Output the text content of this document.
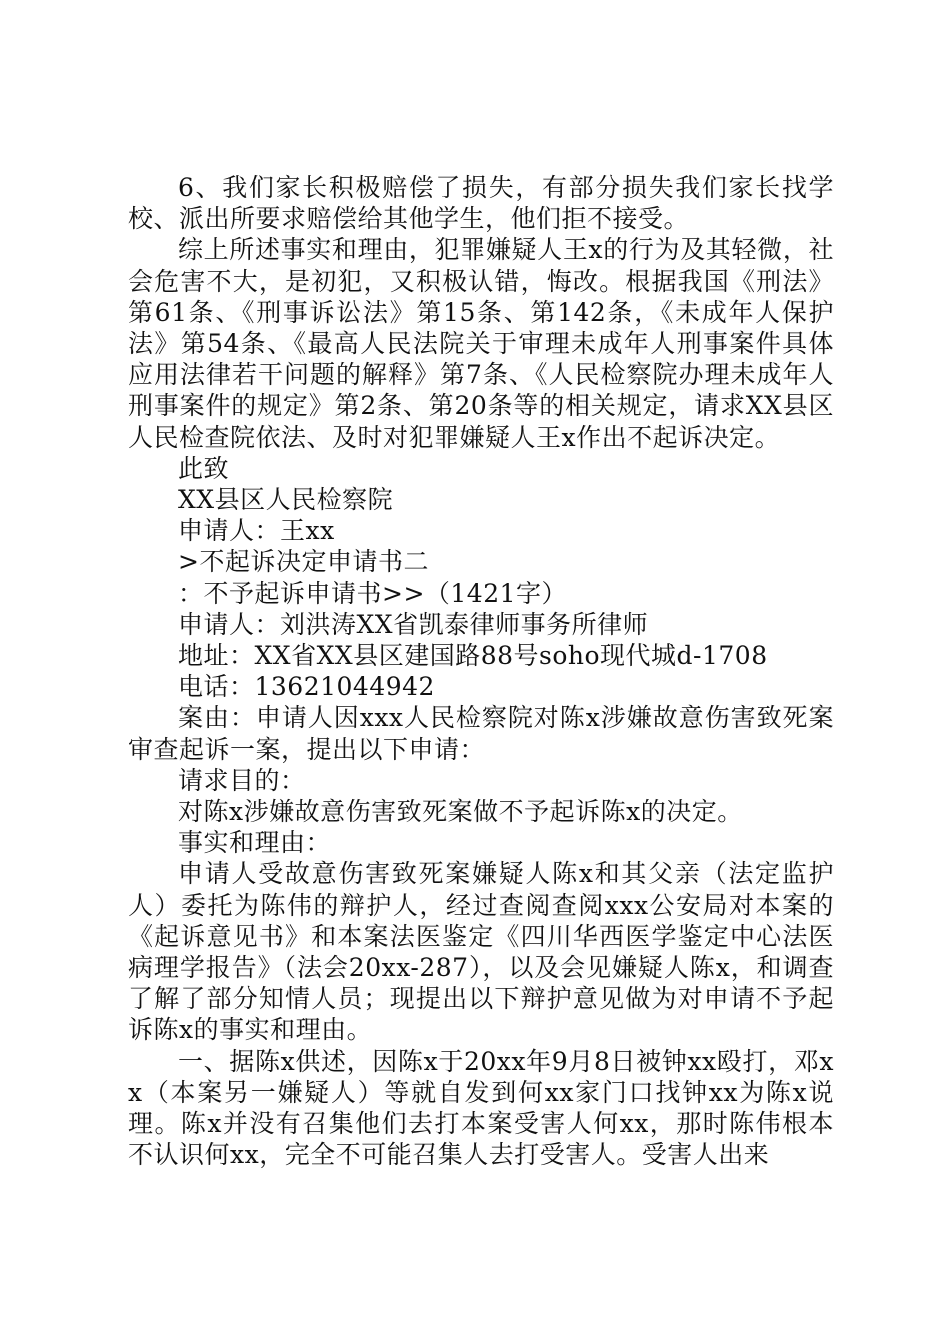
6、我们家长积极赔偿了损失，有部分损失我们家长找学校、派出所要求赔偿给其他学生，他们拒不接受。

综上所述事实和理由，犯罪嫌疑人王x的行为及其轻微，社会危害不大，是初犯，又积极认错，悔改。根据我国《刑法》第61条、《刑事诉讼法》第15条、第142条，《未成年人保护法》第54条、《最高人民法院关于审理未成年人刑事案件具体应用法律若干问题的解释》第7条、《人民检察院办理未成年人刑事案件的规定》第2条、第20条等的相关规定，请求XX县区人民检查院依法、及时对犯罪嫌疑人王x作出不起诉决定。

此致

XX县区人民检察院

申请人：王xx

>不起诉决定申请书二

：不予起诉申请书>>（1421字）

申请人：刘洪涛XX省凯泰律师事务所律师

地址：XX省XX县区建国路88号soho现代城d-1708

电话：13621044942

案由：申请人因xxx人民检察院对陈x涉嫌故意伤害致死案审查起诉一案，提出以下申请：

请求目的：

对陈x涉嫌故意伤害致死案做不予起诉陈x的决定。

事实和理由：

申请人受故意伤害致死案嫌疑人陈x和其父亲（法定监护人）委托为陈伟的辩护人，经过查阅查阅xxx公安局对本案的《起诉意见书》和本案法医鉴定《四川华西医学鉴定中心法医病理学报告》（法会20xx-287），以及会见嫌疑人陈x，和调查了解了部分知情人员；现提出以下辩护意见做为对申请不予起诉陈x的事实和理由。

一、据陈x供述，因陈x于20xx年9月8日被钟xx殴打，邓xx（本案另一嫌疑人）等就自发到何xx家门口找钟xx为陈x说理。陈x并没有召集他们去打本案受害人何xx，那时陈伟根本不认识何xx，完全不可能召集人去打受害人。受害人出来
